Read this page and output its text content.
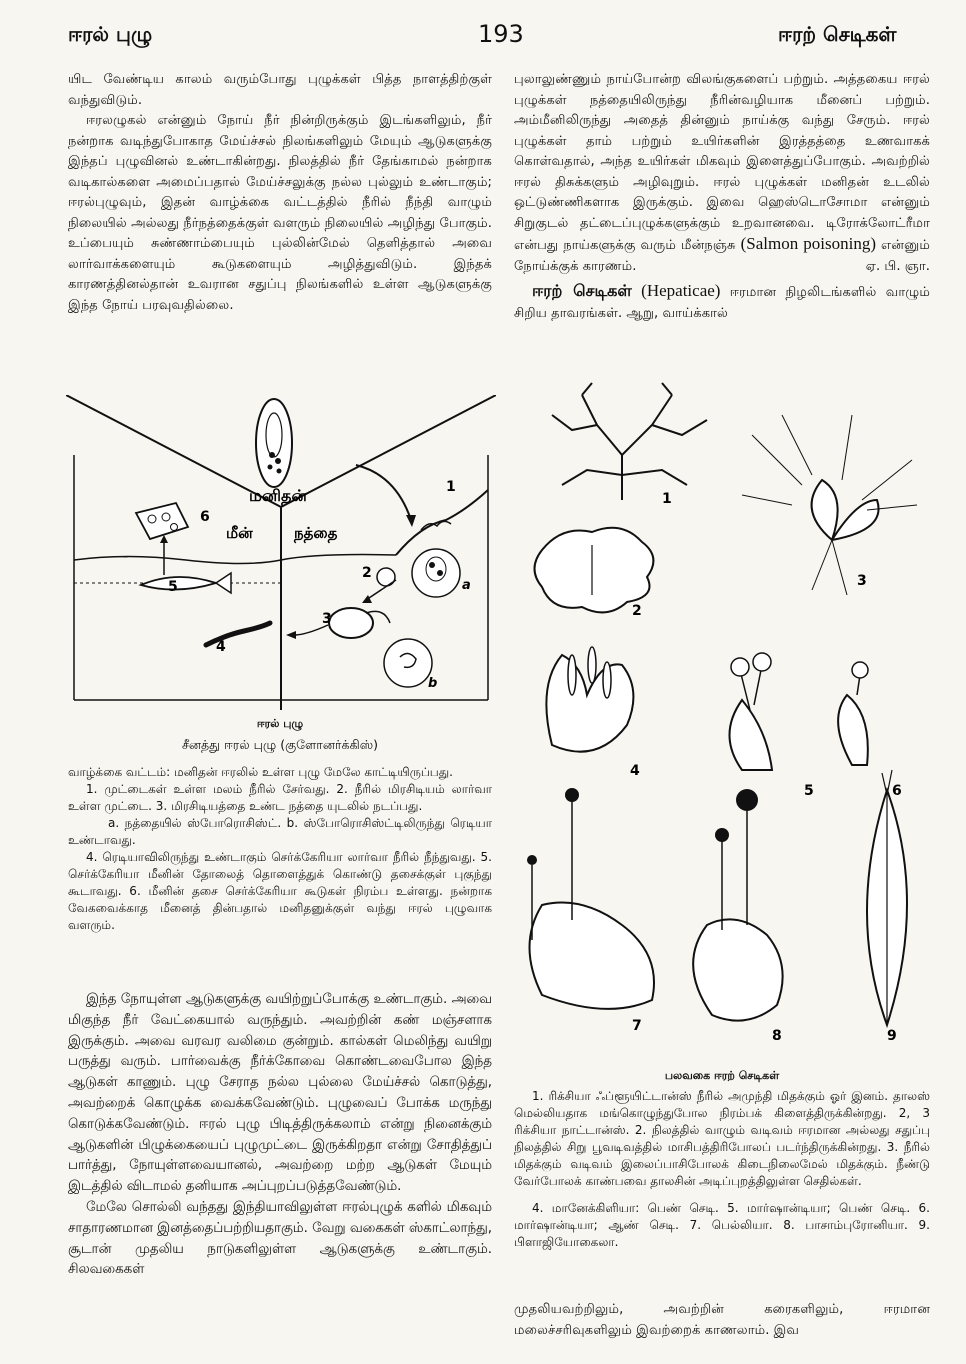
ஈரல் புழு	193	ஈரற் செடிகள்

யிட வேண்டிய காலம் வரும்போது புழுக்கள் பித்த நாளத்திற்குள் வந்துவிடும்.

ஈரலழுகல் என்னும் நோய் நீர் நின்றிருக்கும் இடங்களிலும், நீர் நன்றாக வடிந்துபோகாத மேய்ச்சல் நிலங்களிலும் மேயும் ஆடுகளுக்கு இந்தப் புழுவினல் உண்டாகின்றது. நிலத்தில் நீர் தேங்காமல் நன்றாக வடிகால்களை அமைப்பதால் மேய்ச்சலுக்கு நல்ல புல்லும் உண்டாகும்; ஈரல்புழுவும், இதன் வாழ்க்கை வட்டத்தில் நீரில் நீந்தி வாழும் நிலையில் அல்லது நீர்நத்தைக்குள் வளரும் நிலையில் அழிந்து போகும். உப்பையும் சுண்ணாம்பையும் புல்லின்மேல் தெளித்தால் அவை லார்வாக்களையும் கூடுகளையும் அழித்துவிடும். இந்தக் காரணத்தினல்தான் உவரான சதுப்பு நிலங்களில் உள்ள ஆடுகளுக்கு இந்த நோய் பரவுவதில்லை.

மனிதன்
மீன்	நத்தை
1
2
3
4
5
6
a
b
ஈரல் புழு
சீனத்து ஈரல் புழு (குளோனர்க்கிஸ்)

வாழ்க்கை வட்டம்: மனிதன் ஈரலில் உள்ள புழு மேலே காட்டியிருப்பது.

1. முட்டைகள் உள்ள மலம் நீரில் சேர்வது. 2. நீரில் மிரசிடியம் லார்வா உள்ள முட்டை. 3. மிரசிடியத்தை உண்ட நத்தை யுடலில் நடப்பது.

a. நத்தையில் ஸ்போரொசிஸ்ட். b. ஸ்போரொசிஸ்ட்டிலிருந்து ரெடியா உண்டாவது.

4. ரெடியாவிலிருந்து உண்டாகும் செர்க்கேரியா லார்வா நீரில் நீந்துவது. 5. செர்க்கேரியா மீனின் தோலைத் தொளைத்துக் கொண்டு தசைக்குள் புகுந்து கூடாவது. 6. மீனின் தசை செர்க்கேரியா கூடுகள் நிரம்ப உள்ளது. நன்றாக வேகவைக்காத மீனைத் தின்பதால் மனிதனுக்குள் வந்து ஈரல் புழுவாக வளரும்.

இந்த நோயுள்ள ஆடுகளுக்கு வயிற்றுப்போக்கு உண்டாகும். அவை மிகுந்த நீர் வேட்கையால் வருந்தும். அவற்றின் கண் மஞ்சளாக இருக்கும். அவை வரவர வலிமை குன்றும். கால்கள் மெலிந்து வயிறு பருத்து வரும். பார்வைக்கு நீர்க்கோவை கொண்டவைபோல இந்த ஆடுகள் காணும். புழு சேராத நல்ல புல்லை மேய்ச்சல் கொடுத்து, அவற்றைக் கொழுக்க வைக்கவேண்டும். புழுவைப் போக்க மருந்து கொடுக்கவேண்டும். ஈரல் புழு பிடித்திருக்கலாம் என்று நினைக்கும் ஆடுகளின் பிழுக்கையைப் புழுமுட்டை இருக்கிறதா என்று சோதித்துப் பார்த்து, நோயுள்ளவையானல், அவற்றை மற்ற ஆடுகள் மேயும் இடத்தில் விடாமல் தனியாக அப்புறப்படுத்தவேண்டும்.

மேலே சொல்லி வந்தது இந்தியாவிலுள்ள ஈரல்புழுக் களில் மிகவும் சாதாரணமான இனத்தைப்பற்றியதாகும். வேறு வகைகள் ஸ்காட்லாந்து, சூடான் முதலிய நாடுகளிலுள்ள ஆடுகளுக்கு உண்டாகும். சிலவகைகள்

புலாலுண்ணும் நாய்போன்ற விலங்குகளைப் பற்றும். அத்தகைய ஈரல் புழுக்கள் நத்தையிலிருந்து நீரின்வழியாக மீனைப் பற்றும். அம்மீனிலிருந்து அதைத் தின்னும் நாய்க்கு வந்து சேரும். ஈரல் புழுக்கள் தாம் பற்றும் உயிர்களின் இரத்தத்தை உணவாகக் கொள்வதால், அந்த உயிர்கள் மிகவும் இளைத்துப்போகும். அவற்றில் ஈரல் திசுக்களும் அழிவுறும். ஈரல் புழுக்கள் மனிதன் உடலில் ஒட்டுண்ணிகளாக இருக்கும். இவை ஹெஸ்டொசோமா என்னும் சிறுகுடல் தட்டைப்புழுக்களுக்கும் உறவானவை. டிரோக்லோட்ரீமா என்பது நாய்களுக்கு வரும் மீன்நஞ்சு (Salmon poisoning) என்னும் நோய்க்குக் காரணம்.	ஏ. பி. ஞா.

ஈரற் செடிகள் (Hepaticae) ஈரமான நிழலிடங்களில் வாழும் சிறிய தாவரங்கள். ஆறு, வாய்க்கால்

1
2
3
4
5	6
7
8	9
பலவகை ஈரற் செடிகள்

1. ரிக்சியா ஃப்ளூயிட்டான்ஸ் நீரில் அமுந்தி மிதக்கும் ஓர் இனம். தாலஸ் மெல்லியதாக மங்கொழுந்துபோல நிரம்பக் கிளைத்திருக்கின்றது. 2, 3 ரிக்சியா நாட்டான்ஸ். 2. நிலத்தில் வாழும் வடிவம் ஈரமான அல்லது சதுப்பு நிலத்தில் சிறு பூவடிவத்தில் மாசிபத்திரிபோலப் படர்ந்திருக்கின்றது. 3. நீரில் மிதக்கும் வடிவம் இலைப்பாசிபோலக் கிடைநிலைமேல் மிதக்கும். நீண்டு வேர்போலக் காண்பவை தாலசின் அடிப்புறத்திலுள்ள செதில்கள்.

4. மானேக்கிளியா: பெண் செடி. 5. மார்ஷான்டியா; பெண் செடி. 6. மார்ஷான்டியா; ஆண் செடி. 7. பெல்லியா. 8. பாசாம்புரோனியா. 9. பிளாஜியோகைலா.

முதலியவற்றிலும், அவற்றின் கரைகளிலும், ஈரமான மலைச்சரிவுகளிலும் இவற்றைக் காணலாம். இவ
